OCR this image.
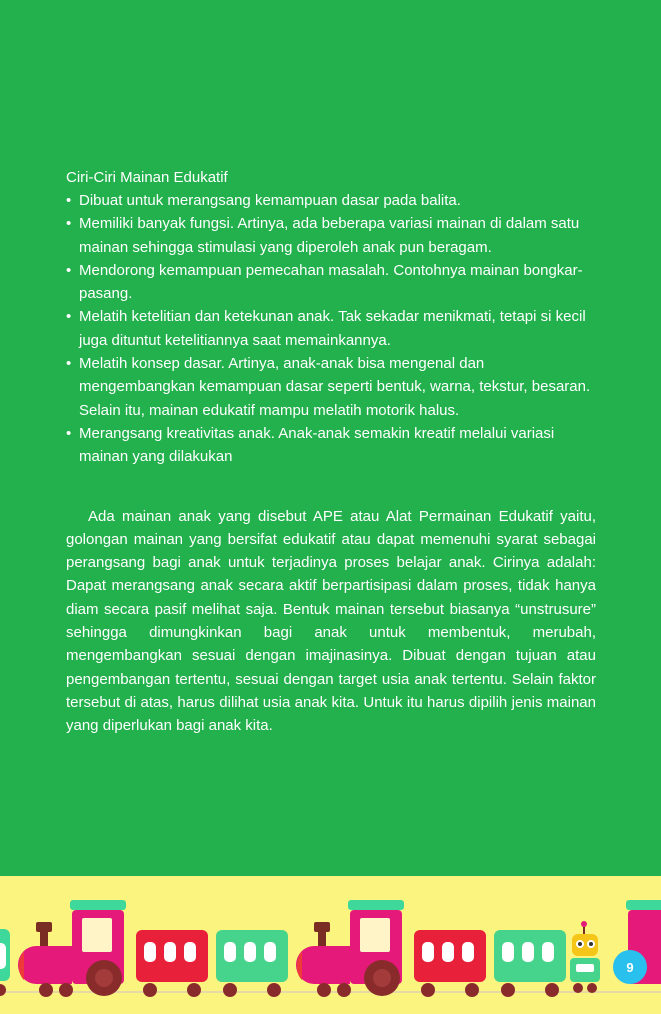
Ciri-Ciri Mainan Edukatif

• Dibuat untuk merangsang kemampuan dasar pada balita.
• Memiliki banyak fungsi. Artinya, ada beberapa variasi mainan di dalam satu mainan sehingga stimulasi yang diperoleh anak pun beragam.
• Mendorong kemampuan pemecahan masalah. Contohnya mainan bongkar-pasang.
• Melatih ketelitian dan ketekunan anak. Tak sekadar menikmati, tetapi si kecil juga dituntut ketelitiannya saat memainkannya.
• Melatih konsep dasar. Artinya, anak-anak bisa mengenal dan mengembangkan kemampuan dasar seperti bentuk, warna, tekstur, besaran. Selain itu, mainan edukatif mampu melatih motorik halus.
• Merangsang kreativitas anak. Anak-anak semakin kreatif melalui variasi mainan yang dilakukan

Ada mainan anak yang disebut APE atau Alat Permainan Edukatif yaitu, golongan mainan yang bersifat edukatif atau dapat memenuhi syarat sebagai perangsang bagi anak untuk terjadinya proses belajar anak. Cirinya adalah: Dapat merangsang anak secara aktif berpartisipasi dalam proses, tidak hanya diam secara pasif melihat saja. Bentuk mainan tersebut biasanya “unstrusure” sehingga dimungkinkan bagi anak untuk membentuk, merubah, mengembangkan sesuai dengan imajinasinya. Dibuat dengan tujuan atau pengembangan tertentu, sesuai dengan target usia anak tertentu. Selain faktor tersebut di atas, harus dilihat usia anak kita. Untuk itu harus dipilih jenis mainan yang diperlukan bagi anak kita.

9
